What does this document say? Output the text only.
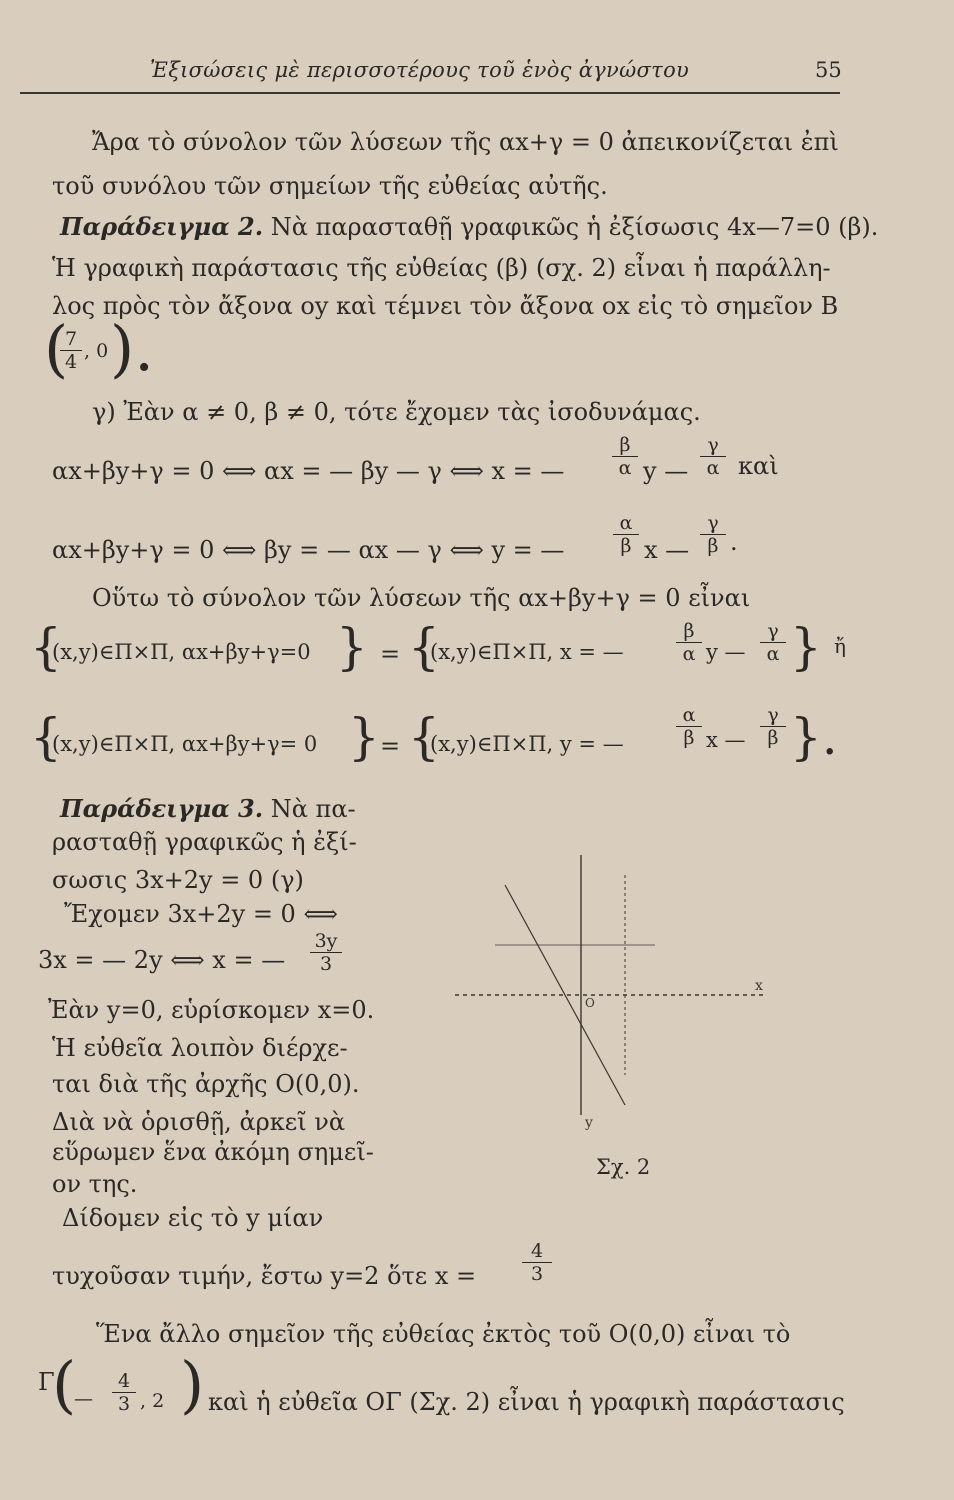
Ἐξισώσεις μὲ περισσοτέρους τοῦ ἑνὸς ἀγνώστου	55
Ἄρα τὸ σύνολον τῶν λύσεων τῆς αx+γ = 0 ἀπεικονίζεται ἐπὶ
τοῦ συνόλου τῶν σημείων τῆς εὐθείας αὐτῆς.
Παράδειγμα 2. Νὰ παρασταθῇ γραφικῶς ἡ ἐξίσωσις 4x—7=0 (β).
Ἡ γραφικὴ παράστασις τῆς εὐθείας (β) (σχ. 2) εἶναι ἡ παράλλη-
λος πρὸς τὸν ἄξονα οy καὶ τέμνει τὸν ἄξονα οx εἰς τὸ σημεῖον Β
(
7
4 , 0 ).
γ) Ἐὰν α ≠ 0, β ≠ 0, τότε ἔχομεν τὰς ἰσοδυνάμας.
αx+βy+γ = 0 ⟺ αx = — βy — γ ⟺ x = —
β
α y —
γ
α καὶ
αx+βy+γ = 0 ⟺ βy = — αx — γ ⟺ y = —
α
β x —
γ
β .
Οὕτω τὸ σύνολον τῶν λύσεων τῆς αx+βy+γ = 0 εἶναι
{
(x,y)∈Π×Π, αx+βy+γ=0 } = {
(x,y)∈Π×Π, x = —
β
α y —
γ
α } ἤ
{
(x,y)∈Π×Π, αx+βy+γ= 0 } = {
(x,y)∈Π×Π, y = —
α
β x —
γ
β }.
Παράδειγμα 3. Νὰ πα-
ρασταθῇ γραφικῶς ἡ ἐξί-
σωσις 3x+2y = 0 (γ)
Ἔχομεν 3x+2y = 0 ⟺
3x = — 2y ⟺ x = —
3y
3
Ἐὰν y=0, εὑρίσκομεν x=0.
Ἡ εὐθεῖα λοιπὸν διέρχε-
ται διὰ τῆς ἀρχῆς Ο(0,0).
Διὰ νὰ ὁρισθῇ, ἀρκεῖ νὰ
εὕρωμεν ἕνα ἀκόμη σημεῖ-
ον της.
Δίδομεν εἰς τὸ y μίαν
τυχοῦσαν τιμήν, ἔστω y=2 ὅτε x =
4
3
Ἕνα ἄλλο σημεῖον τῆς εὐθείας ἐκτὸς τοῦ Ο(0,0) εἶναι τὸ
Γ
(
—
4
3 , 2 ) καὶ ἡ εὐθεῖα ΟΓ (Σχ. 2) εἶναι ἡ γραφικὴ παράστασις
x
y
O
Σχ. 2
